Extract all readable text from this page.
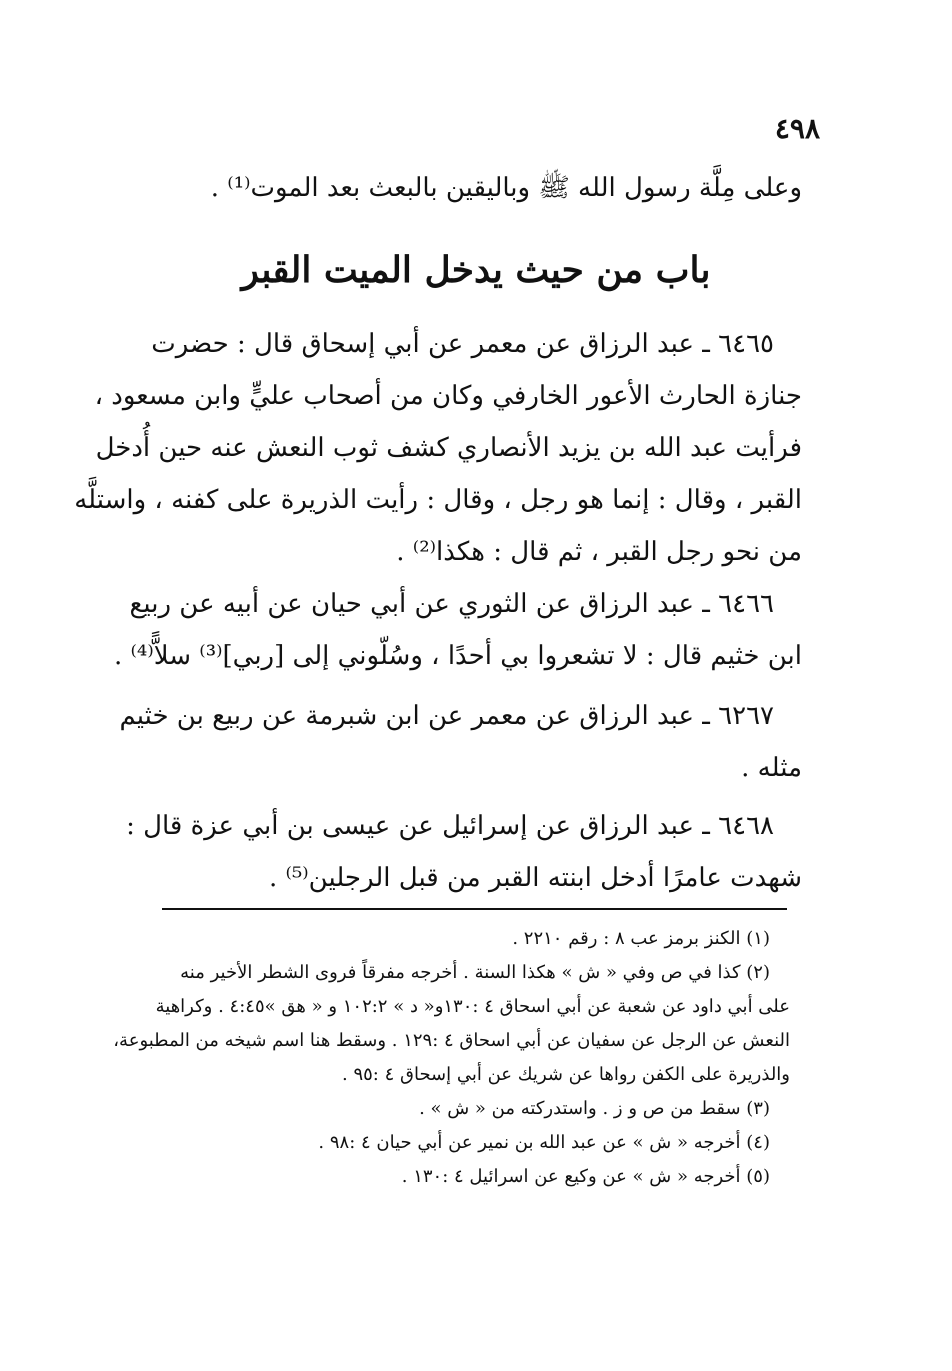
٤٩٨
وعلى مِلَّة رسول الله ﷺ وباليقين بالبعث بعد الموت⁽¹⁾ .
باب من حيث يدخل الميت القبر
٦٤٦٥ ـ عبد الرزاق عن معمر عن أبي إسحاق قال : حضرت
جنازة الحارث الأعور الخارفي وكان من أصحاب عليٍّ وابن مسعود ،
فرأيت عبد الله بن يزيد الأنصاري كشف ثوب النعش عنه حين أُدخل
القبر ، وقال : إنما هو رجل ، وقال : رأيت الذريرة على كفنه ، واستلَّه
من نحو رجل القبر ، ثم قال : هكذا⁽²⁾ .
٦٤٦٦ ـ عبد الرزاق عن الثوري عن أبي حيان عن أبيه عن ربيع
ابن خثيم قال : لا تشعروا بي أحدًا ، وسُلّوني إلى [ربي]⁽³⁾ سلاًّ⁽⁴⁾ .
٦٢٦٧ ـ عبد الرزاق عن معمر عن ابن شبرمة عن ربيع بن خثيم
مثله .
٦٤٦٨ ـ عبد الرزاق عن إسرائيل عن عيسى بن أبي عزة قال :
شهدت عامرًا أدخل ابنته القبر من قبل الرجلين⁽⁵⁾ .
(١) الكنز برمز عب ٨ : رقم ٢٢١٠ .
(٢) كذا في ص وفي « ش » هكذا السنة . أخرجه مفرقاً فروى الشطر الأخير منه
على أبي داود عن شعبة عن أبي اسحاق ٤ :١٣٠و« د » ١٠٢:٢ و « هق »٤:٤٥ . وكراهية
النعش عن الرجل عن سفيان عن أبي اسحاق ٤ :١٢٩ . وسقط هنا اسم شيخه من المطبوعة،
والذريرة على الكفن رواها عن شريك عن أبي إسحاق ٤ :٩٥ .
(٣) سقط من ص و ز . واستدركته من « ش » .
(٤) أخرجه « ش » عن عبد الله بن نمير عن أبي حيان ٤ :٩٨ .
(٥) أخرجه « ش » عن وكيع عن اسرائيل ٤ :١٣٠ .
